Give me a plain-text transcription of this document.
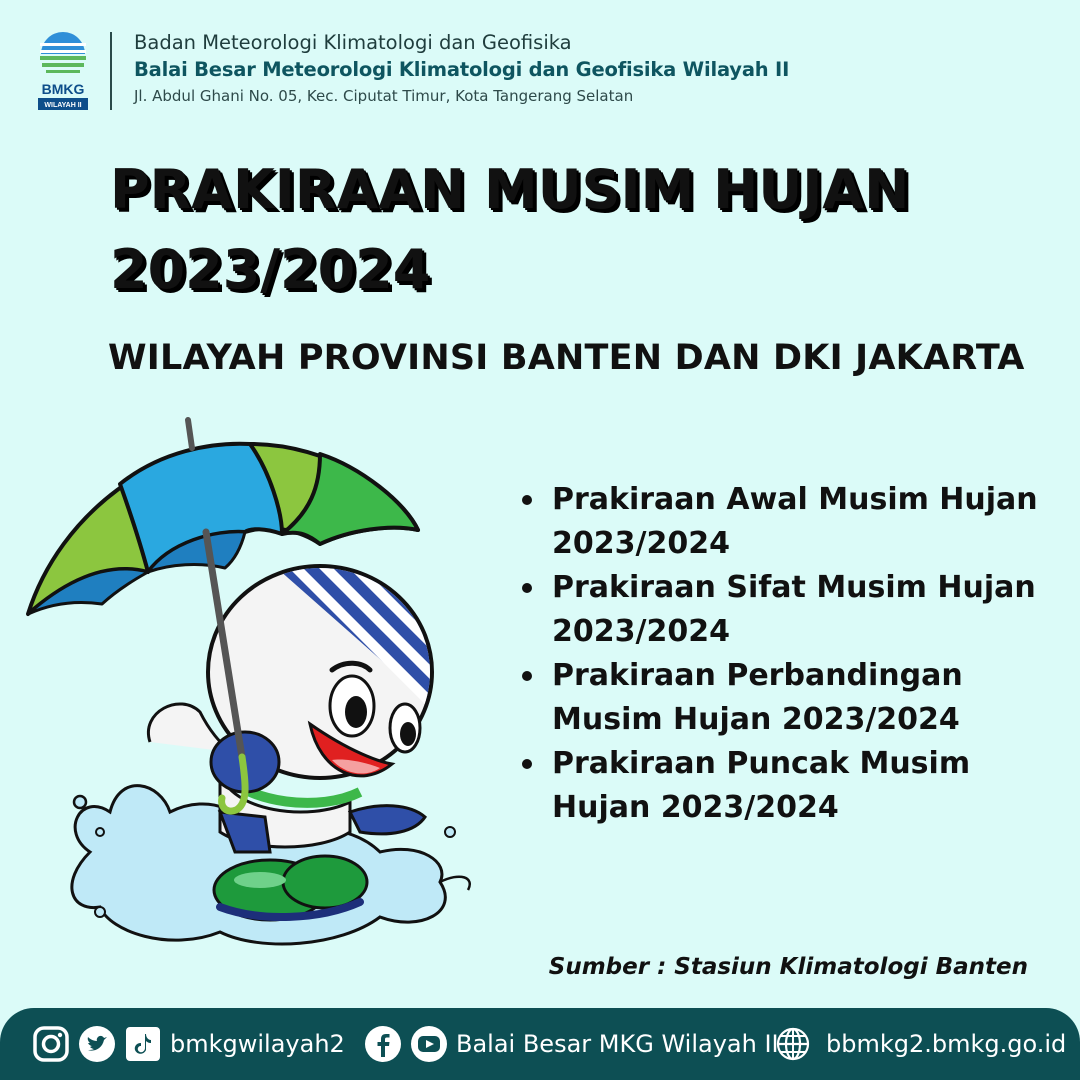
BMKG
WILAYAH II
Badan Meteorologi Klimatologi dan Geofisika
Balai Besar Meteorologi Klimatologi dan Geofisika Wilayah II
Jl. Abdul Ghani No. 05, Kec. Ciputat Timur, Kota Tangerang Selatan
PRAKIRAAN MUSIM HUJAN
2023/2024
WILAYAH PROVINSI BANTEN DAN DKI JAKARTA
Prakiraan Awal Musim Hujan
2023/2024
Prakiraan Sifat Musim Hujan
2023/2024
Prakiraan Perbandingan
Musim Hujan 2023/2024
Prakiraan Puncak Musim
Hujan 2023/2024
Sumber : Stasiun Klimatologi Banten
bmkgwilayah2	Balai Besar MKG Wilayah II bbmkg2.bmkg.go.id
